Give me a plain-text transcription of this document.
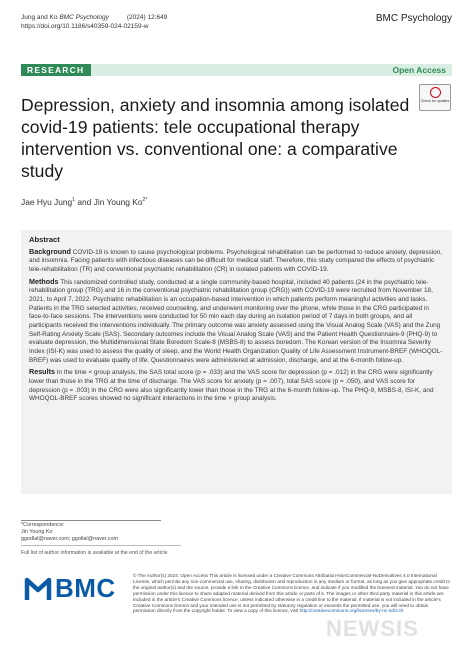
Jung and Ko BMC Psychology	(2024) 12:649
https://doi.org/10.1186/s40359-024-02159-w
BMC Psychology
RESEARCH	Open Access
Check for updates
Depression, anxiety and insomnia among isolated covid-19 patients: tele occupational therapy intervention vs. conventional one: a comparative study
Jae Hyu Jung$^1$ and Jin Young $Ko^{2*}$
Abstract

Background COVID-19 is known to cause psychological problems. Psychological rehabilitation can be performed to reduce anxiety, depression, and insomnia. Facing patients with infectious diseases can be difficult for medical staff. Therefore, this study compared the effects of psychiatric tele-rehabilitation (TR) and conventional psychiatric rehabilitation (CR) in isolated patients with COVID-19.

Methods This randomized controlled study, conducted at a single community-based hospital, included 40 patients (24 in the psychiatric tele-rehabilitation group (TRG) and 16 in the conventional psychiatric rehabilitation group (CRG)) with COVID-19 were recruited from November 18, 2021, to April 7, 2022. Psychiatric rehabilitation is an occupation-based intervention in which patients perform meaningful activities and tasks. Patients in the TRG selected activities, received counseling, and underwent monitoring over the phone, while those in the CRG participated in face-to-face sessions. The interventions were conducted for 50 min each day during an isolation period of 7 days in both groups, and all participants received the interventions individually. The primary outcome was anxiety assessed using the Visual Analog Scale (VAS) and the Zung Self-Rating Anxiety Scale (SAS). Secondary outcomes include the Visual Analog Scale (VAS) and the Patient Health Questionnaire-9 (PHQ-9) to evaluate depression, the Multidimensional State Boredom Scale-8 (MSBS-8) to assess boredom. The Korean version of the Insomnia Severity Index (ISI-K) was used to assess the quality of sleep, and the World Health Organization Quality of Life Assessment Instrument-BREF (WHOQOL-BREF) was used to evaluate quality of life. Questionnaires were administered at admission, discharge, and at the 6-month follow-up.

Results In the time × group analysis, the SAS total score (p = .033) and the VAS score for depression (p = .012) in the CRG were significantly lower than those in the TRG at the time of discharge. The VAS score for anxiety (p = .007), total SAS score (p = .050), and VAS score for depression (p = .003) in the CRG were also significantly lower than those in the TRG at the 6-month follow-up. The PHQ-9, MSBS-8, ISI-K, and WHOQOL-BREF scores showed no significant interactions in the time × group analysis.

*Correspondence:
Jin Young Ko
ggodlal@naver.com; ggotlal@naver.com
Full list of author information is available at the end of the article
BMC	© The Author(s) 2024. Open Access This article is licensed under a Creative Commons Attribution-NonCommercial-NoDerivatives 4.0 International License, which permits any non-commercial use, sharing, distribution and reproduction in any medium or format, as long as you give appropriate credit to the original author(s) and the source, provide a link to the Creative Commons licence, and indicate if you modified the licensed material. You do not have permission under this licence to share adapted material derived from this article or parts of it. The images or other third party material in this article are included in the article's Creative Commons licence, unless indicated otherwise in a credit line to the material. If material is not included in the article's Creative Commons licence and your intended use is not permitted by statutory regulation or exceeds the permitted use, you will need to obtain permission directly from the copyright holder. To view a copy of this licence, visit http://creativecommons.org/licenses/by-nc-nd/4.0/.
NEWSIS
